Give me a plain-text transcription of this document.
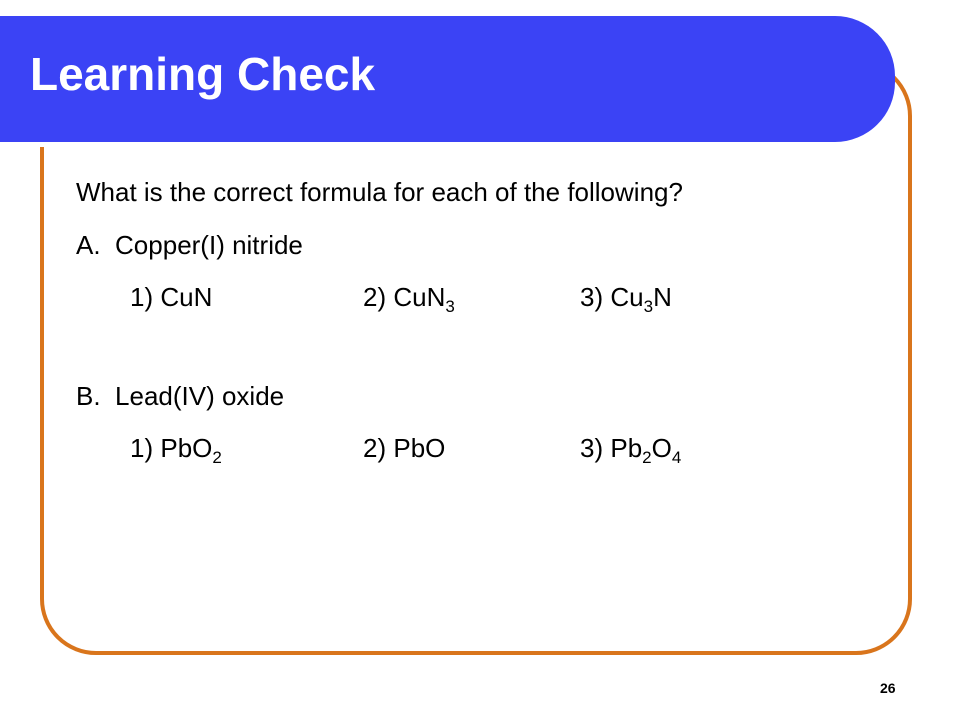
Learning Check
What is the correct formula for each of the following?
A. Copper(I) nitride
1) CuN	2) CuN$_3$	3) $Cu_3N$
B. Lead(IV) oxide
1) PbO$_2$	2) PbO	3) $Pb_2O_4$
26
